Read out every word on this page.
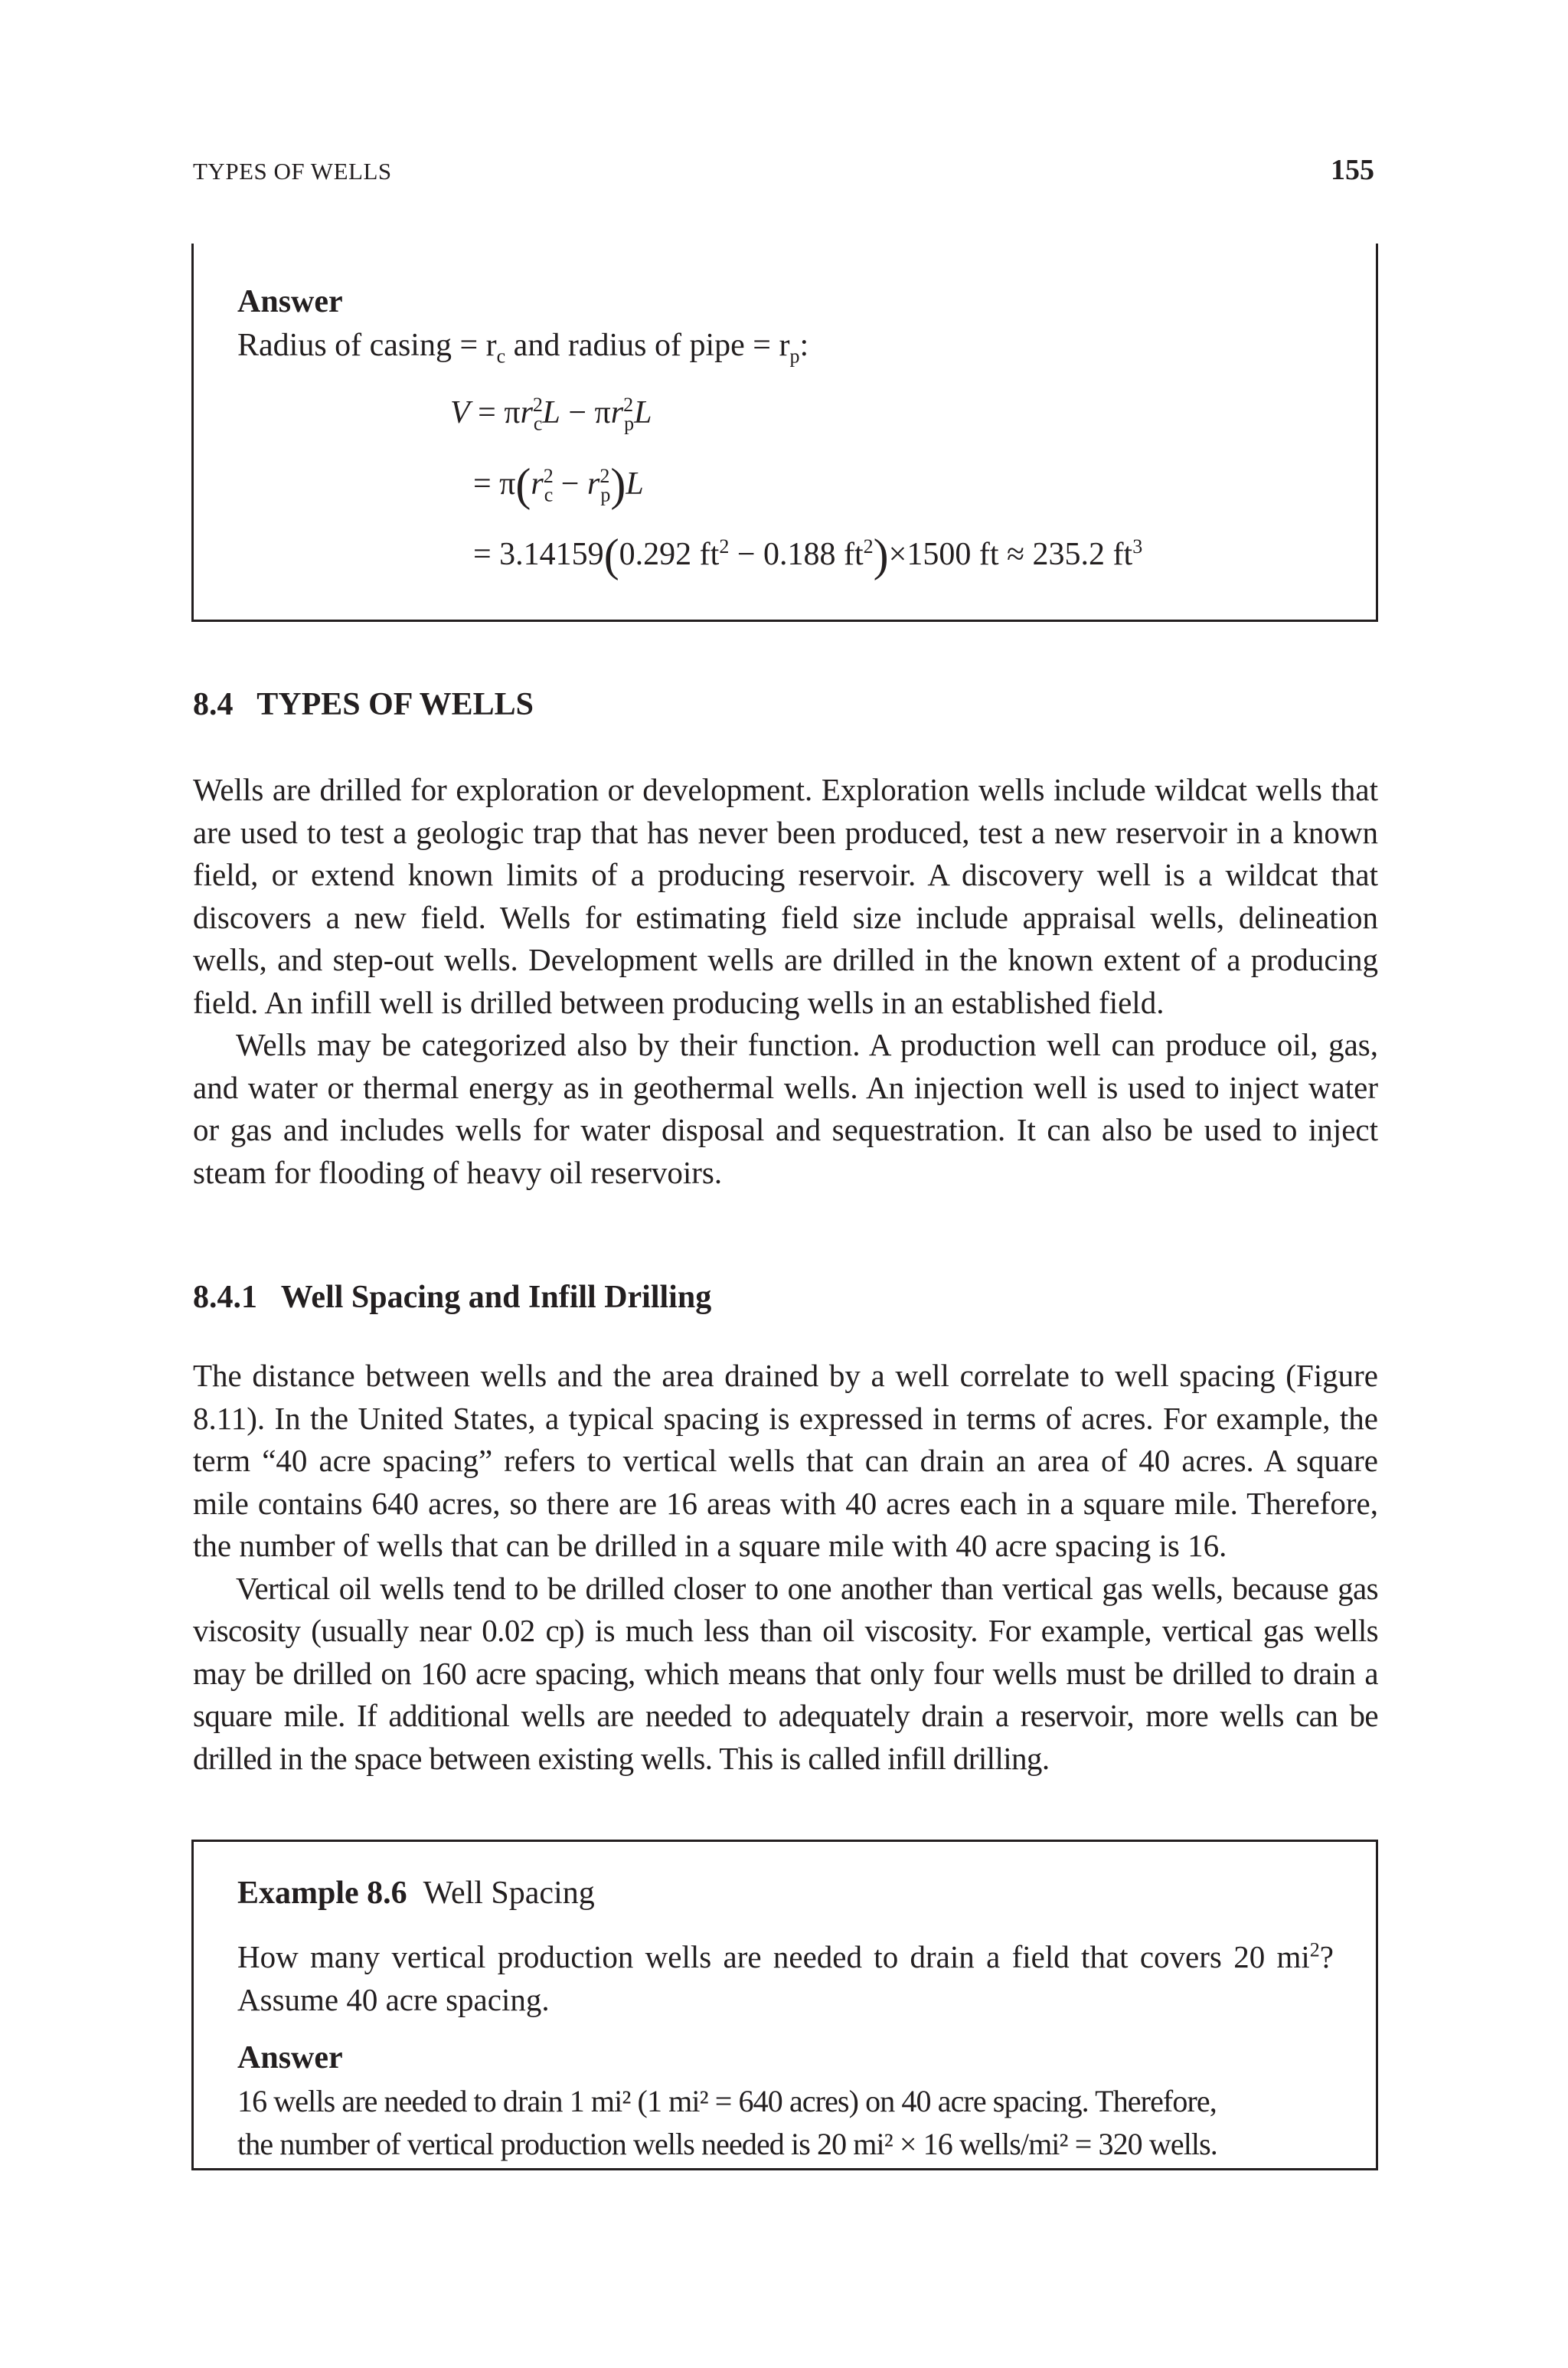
TYPES OF WELLS	155
Answer
Radius of $casing = r_c$ and radius of pipe = $r_p$:
$V = \pi r^2_cL - \pi r^2_pL$
= $\pi(r^2_c - r^2_p)L$
= 3.14159(0.292 $ft^2 - 0.188$ $ft^2)\times 1500$ ft ≈ 235.2 $ft^3$
8.4   TYPES OF WELLS

Wells are drilled for exploration or development. Exploration wells include wildcat wells that are used to test a geologic trap that has never been produced, test a new reservoir in a known field, or extend known limits of a producing reservoir. A discovery well is a wildcat that discovers a new field. Wells for estimating field size include appraisal wells, delineation wells, and step-out wells. Development wells are drilled in the known extent of a producing field. An infill well is drilled between producing wells in an established field.

Wells may be categorized also by their function. A production well can produce oil, gas, and water or thermal energy as in geothermal wells. An injection well is used to inject water or gas and includes wells for water disposal and sequestration. It can also be used to inject steam for flooding of heavy oil reservoirs.

8.4.1   Well Spacing and Infill Drilling

The distance between wells and the area drained by a well correlate to well spacing (Figure 8.11). In the United States, a typical spacing is expressed in terms of acres. For example, the term “40 acre spacing” refers to vertical wells that can drain an area of 40 acres. A square mile contains 640 acres, so there are 16 areas with 40 acres each in a square mile. Therefore, the number of wells that can be drilled in a square mile with 40 acre spacing is 16.

Vertical oil wells tend to be drilled closer to one another than vertical gas wells, because gas viscosity (usually near 0.02 cp) is much less than oil viscosity. For example, vertical gas wells may be drilled on 160 acre spacing, which means that only four wells must be drilled to drain a square mile. If additional wells are needed to adequately drain a reservoir, more wells can be drilled in the space between existing wells. This is called infill drilling.

Example 8.6 Well Spacing
How many vertical production wells are needed to drain a field that covers 20 $mi^2$? Assume 40 acre spacing.
Answer
16 wells are needed to drain 1 mi² (1 mi² = 640 acres) on 40 acre spacing. Therefore,
the number of vertical production wells needed is 20 mi² × 16 wells/mi² = 320 wells.
